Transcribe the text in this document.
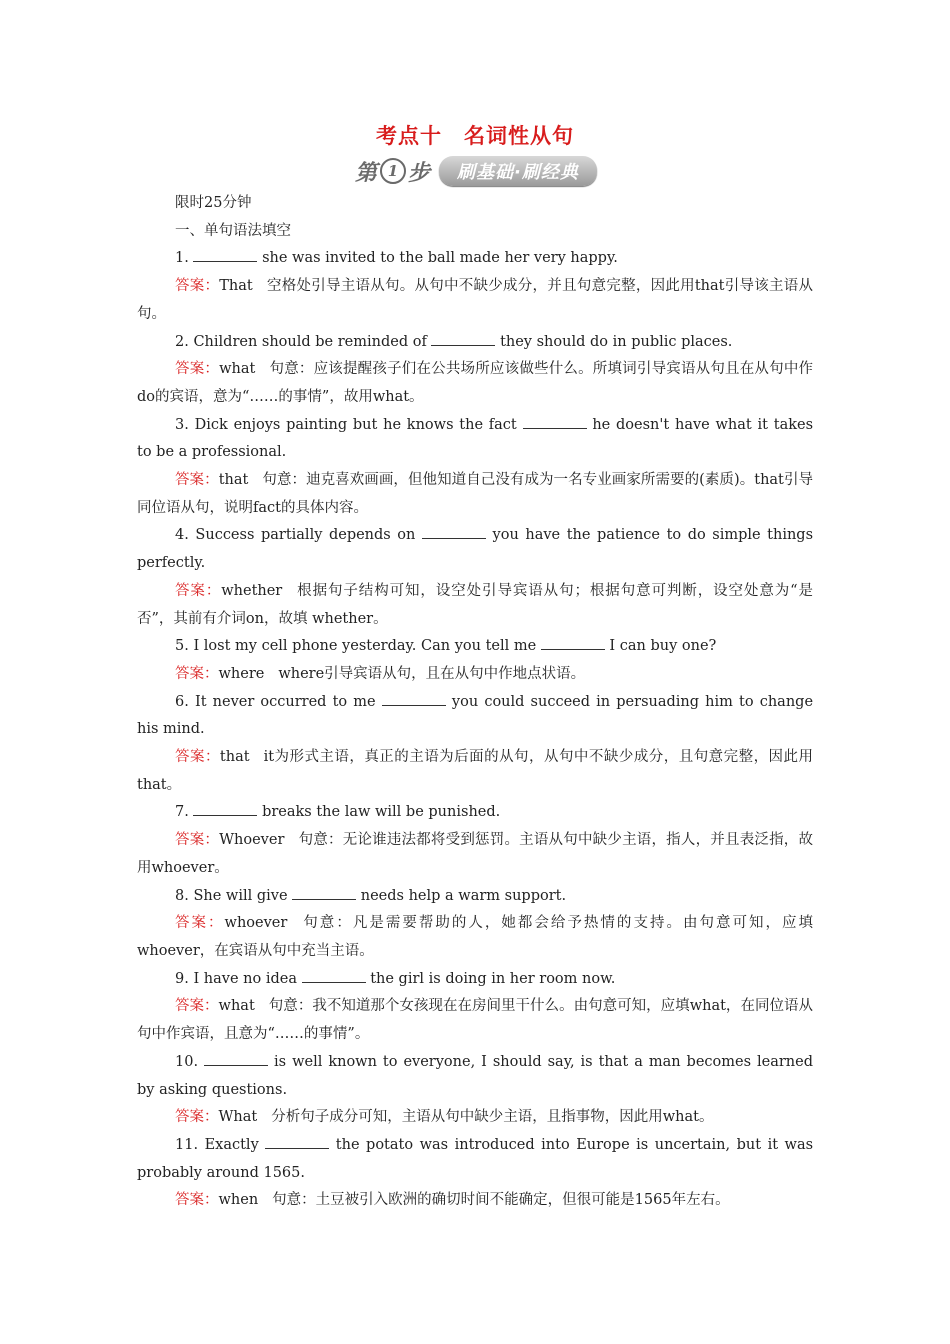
考点十　名词性从句
第 1 步	刷基础·刷经典

限时25分钟

一、单句语法填空

1.	she was invited to the ball made her very happy.

答案：That 空格处引导主语从句。从句中不缺少成分，并且句意完整，因此用that引导该主语从句。

2. Children should be reminded of	they should do in public places.

答案：what 句意：应该提醒孩子们在公共场所应该做些什么。所填词引导宾语从句且在从句中作do的宾语，意为“……的事情”，故用what。

3. Dick enjoys painting but he knows the fact	he doesn't have what it takes to be a professional.

答案：that 句意：迪克喜欢画画，但他知道自己没有成为一名专业画家所需要的(素质)。that引导同位语从句，说明fact的具体内容。

4. Success partially depends on	you have the patience to do simple things perfectly.

答案：whether 根据句子结构可知，设空处引导宾语从句；根据句意可判断，设空处意为“是否”，其前有介词on，故填 whether。

5. I lost my cell phone yesterday. Can you tell me	I can buy one?

答案：where where引导宾语从句，且在从句中作地点状语。

6. It never occurred to me	you could succeed in persuading him to change his mind.

答案：that it为形式主语，真正的主语为后面的从句，从句中不缺少成分，且句意完整，因此用that。

7.	breaks the law will be punished.

答案：Whoever 句意：无论谁违法都将受到惩罚。主语从句中缺少主语，指人，并且表泛指，故用whoever。

8. She will give	needs help a warm support.

答案：whoever 句意：凡是需要帮助的人，她都会给予热情的支持。由句意可知，应填whoever，在宾语从句中充当主语。

9. I have no idea	the girl is doing in her room now.

答案：what 句意：我不知道那个女孩现在在房间里干什么。由句意可知，应填what，在同位语从句中作宾语，且意为“……的事情”。

10.	is well known to everyone, I should say, is that a man becomes learned by asking questions.

答案：What 分析句子成分可知，主语从句中缺少主语，且指事物，因此用what。

11. Exactly	the potato was introduced into Europe is uncertain, but it was probably around 1565.

答案：when 句意：土豆被引入欧洲的确切时间不能确定，但很可能是1565年左右。
